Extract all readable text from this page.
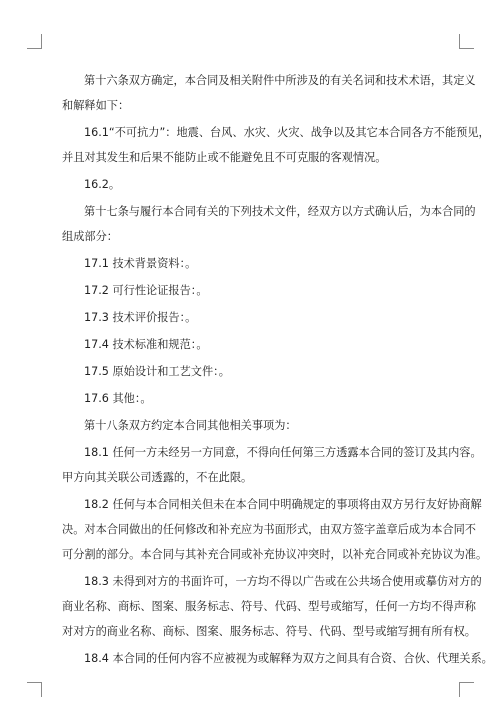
第十六条双方确定，本合同及相关附件中所涉及的有关名词和技术术语，其定义
和解释如下：

16.1“不可抗力”：地震、台风、水灾、火灾、战争以及其它本合同各方不能预见，
并且对其发生和后果不能防止或不能避免且不可克服的客观情况。

16.2。

第十七条与履行本合同有关的下列技术文件，经双方以方式确认后，为本合同的
组成部分：

17.1 技术背景资料：。

17.2 可行性论证报告：。

17.3 技术评价报告：。

17.4 技术标准和规范：。

17.5 原始设计和工艺文件：。

17.6 其他：。

第十八条双方约定本合同其他相关事项为：

18.1 任何一方未经另一方同意，不得向任何第三方透露本合同的签订及其内容。
甲方向其关联公司透露的，不在此限。

18.2 任何与本合同相关但未在本合同中明确规定的事项将由双方另行友好协商解
决。对本合同做出的任何修改和补充应为书面形式，由双方签字盖章后成为本合同不
可分割的部分。本合同与其补充合同或补充协议冲突时，以补充合同或补充协议为准。

18.3 未得到对方的书面许可，一方均不得以广告或在公共场合使用或摹仿对方的
商业名称、商标、图案、服务标志、符号、代码、型号或缩写，任何一方均不得声称
对对方的商业名称、商标、图案、服务标志、符号、代码、型号或缩写拥有所有权。

18.4 本合同的任何内容不应被视为或解释为双方之间具有合资、合伙、代理关系。
